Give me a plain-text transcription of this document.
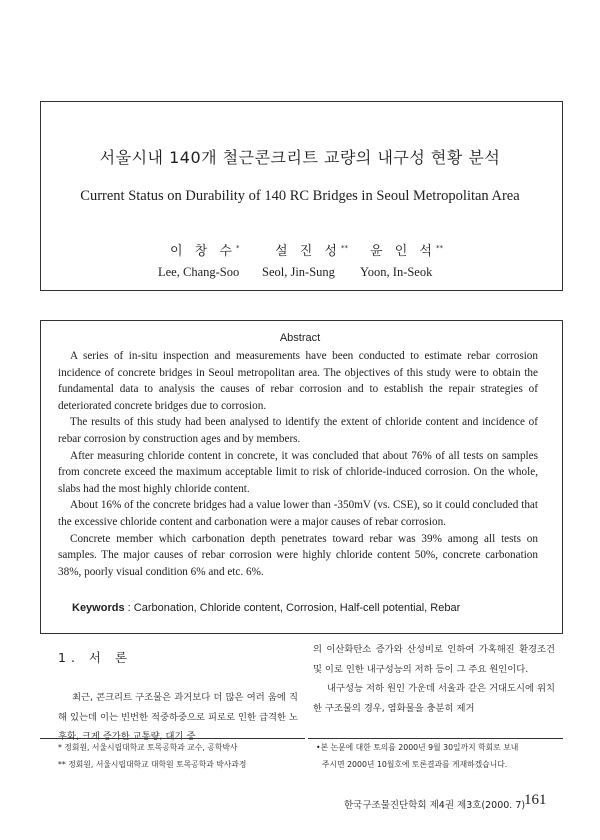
서울시내 140개 철근콘크리트 교량의 내구성 현황 분석
Current Status on Durability of 140 RC Bridges in Seoul Metropolitan Area
이 창 수*	설 진 성** 윤 인 석**
Lee, Chang-Soo Seol, Jin-Sung Yoon, In-Seok
Abstract

A series of in-situ inspection and measurements have been conducted to estimate rebar corrosion incidence of concrete bridges in Seoul metropolitan area. The objectives of this study were to obtain the fundamental data to analysis the causes of rebar corrosion and to establish the repair strategies of deteriorated concrete bridges due to corrosion.

The results of this study had been analysed to identify the extent of chloride content and incidence of rebar corrosion by construction ages and by members.

After measuring chloride content in concrete, it was concluded that about 76% of all tests on samples from concrete exceed the maximum acceptable limit to risk of chloride-induced corrosion. On the whole, slabs had the most highly chloride content.

About 16% of the concrete bridges had a value lower than -350mV (vs. CSE), so it could concluded that the excessive chloride content and carbonation were a major causes of rebar corrosion.

Concrete member which carbonation depth penetrates toward rebar was 39% among all tests on samples. The major causes of rebar corrosion were highly chloride content 50%, concrete carbonation 38%, poorly visual condition 6% and etc. 6%.

Keywords : Carbonation, Chloride content, Corrosion, Half-cell potential, Rebar
1. 서 론

최근, 콘크리트 구조물은 과거보다 더 많은 여러 움에 직해 있는데 이는 빈번한 적중하중으로 피로로 인한 급격한 노후화, 크게 증가한 교통량, 대기 중

의 이산화탄소 증가와 산성비로 인하여 가혹해진 환경조건 및 이로 인한 내구성능의 저하 등이 그 주요 원인이다.

내구성능 저하 원인 가운데 서울과 같은 거대도시에 위치한 구조물의 경우, 염화물을 충분히 제거

* 정회원, 서울시립대학교 토목공학과 교수, 공학박사
** 정회원, 서울시립대학교 대학원 토목공학과 박사과정
•본 논문에 대한 토의를 2000년 9월 30일까지 학회로 보내
주시면 2000년 10월호에 토론결과를 게재하겠습니다.
한국구조물진단학회 제4권 제3호(2000. 7)
161
